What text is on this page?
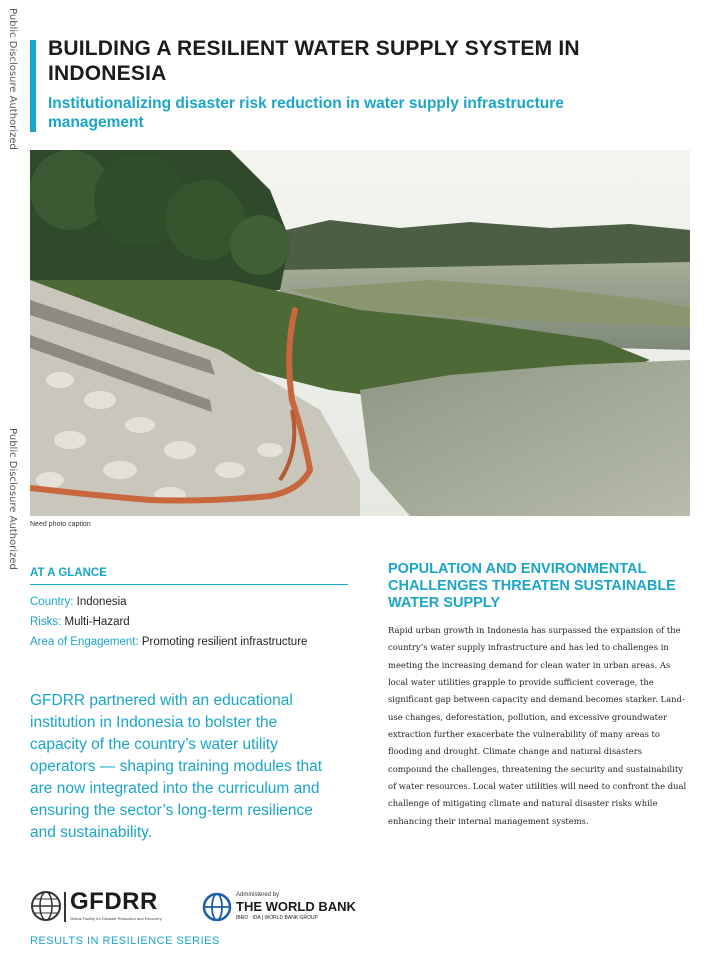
Public Disclosure Authorized
Public Disclosure Authorized
BUILDING A RESILIENT WATER SUPPLY SYSTEM IN INDONESIA
Institutionalizing disaster risk reduction in water supply infrastructure management
Need photo caption
AT A GLANCE
Country: Indonesia
Risks: Multi-Hazard
Area of Engagement: Promoting resilient infrastructure

GFDRR partnered with an educational institution in Indonesia to bolster the capacity of the country’s water utility operators — shaping training modules that are now integrated into the curriculum and ensuring the sector’s long-term resilience and sustainability.

POPULATION AND ENVIRONMENTAL CHALLENGES THREATEN SUSTAINABLE WATER SUPPLY

Rapid urban growth in Indonesia has surpassed the expansion of the country’s water supply infrastructure and has led to challenges in meeting the increasing demand for clean water in urban areas. As local water utilities grapple to provide sufficient coverage, the significant gap between capacity and demand becomes starker. Land-use changes, deforestation, pollution, and excessive groundwater extraction further exacerbate the vulnerability of many areas to flooding and drought. Climate change and natural disasters compound the challenges, threatening the security and sustainability of water resources. Local water utilities will need to confront the dual challenge of mitigating climate and natural disaster risks while enhancing their internal management systems.

GFDRR
Global Facility for Disaster Reduction and Recovery
Administered by
THE WORLD BANK
IBRD · IDA | WORLD BANK GROUP
RESULTS IN RESILIENCE SERIES
